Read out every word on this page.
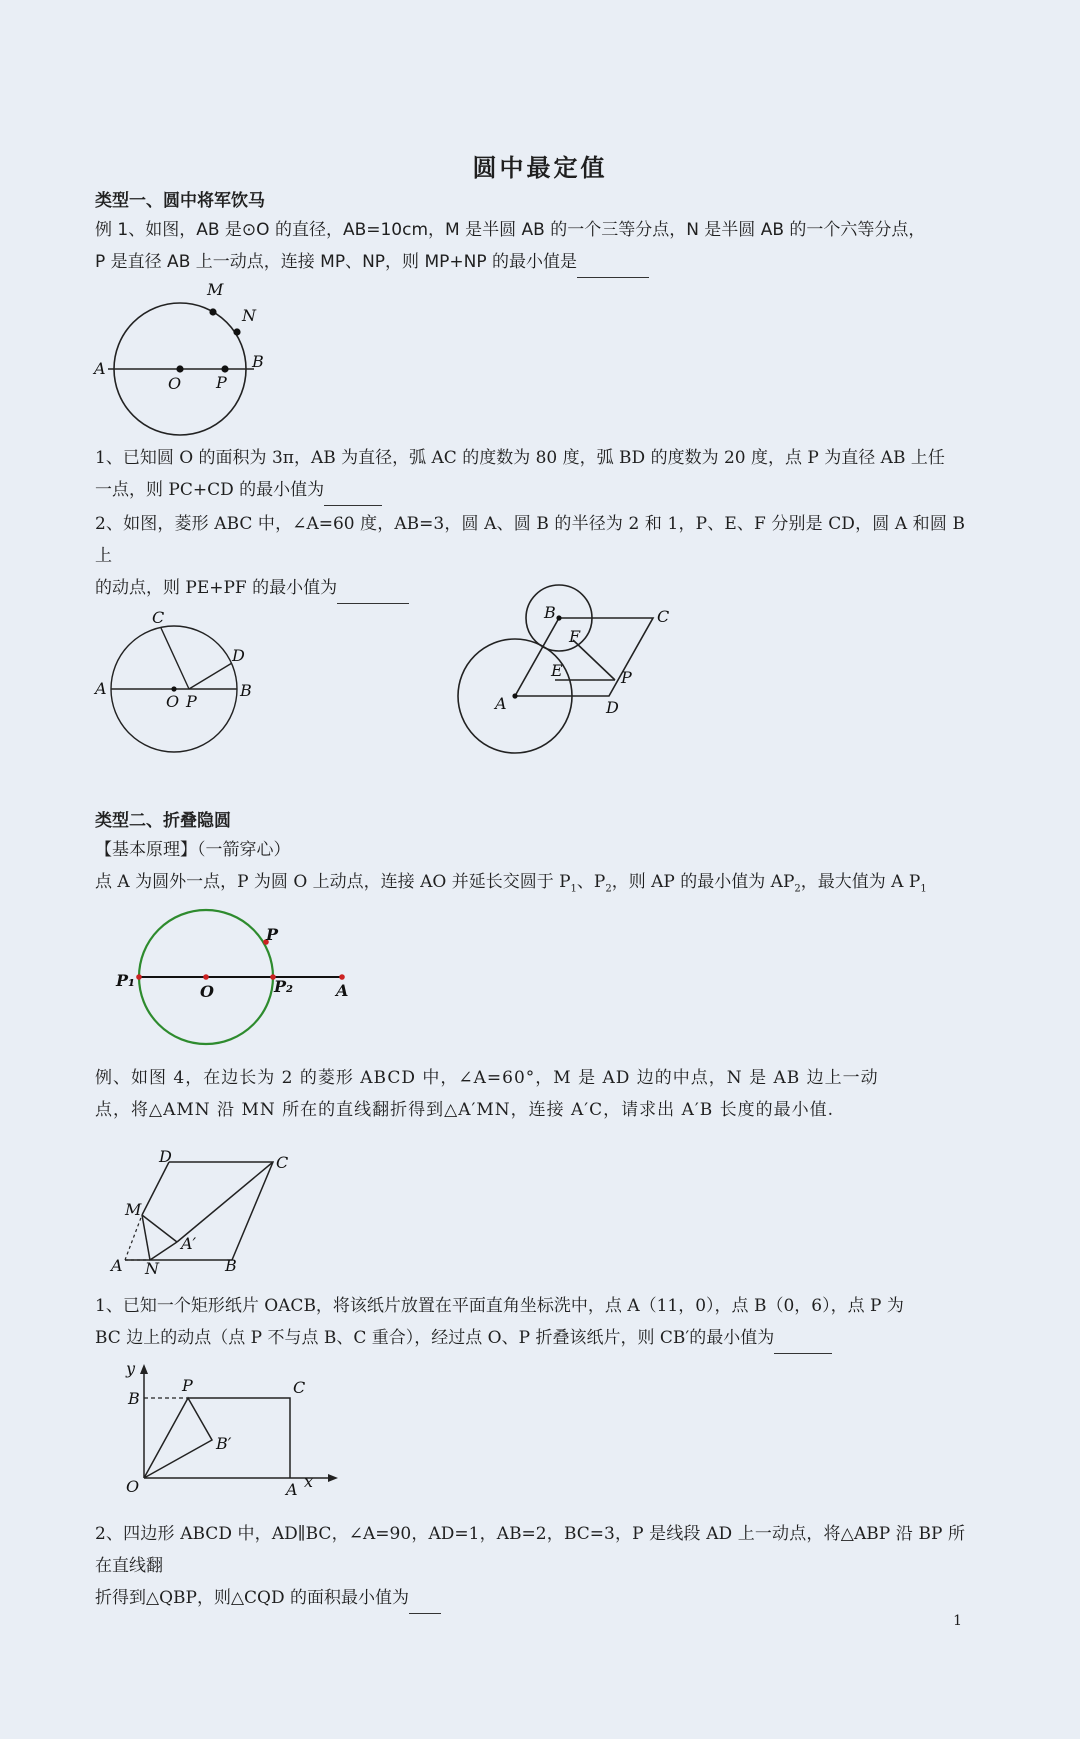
圆中最定值
类型一、圆中将军饮马
例 1、如图，AB 是⊙O 的直径，AB=10cm，M 是半圆 AB 的一个三等分点，N 是半圆 AB 的一个六等分点，
P 是直径 AB 上一动点，连接 MP、NP，则 MP+NP 的最小值是
M
N
A	B
O P
1、已知圆 O 的面积为 3π，AB 为直径，弧 AC 的度数为 80 度，弧 BD 的度数为 20 度，点 P 为直径 AB 上任
一点，则 PC+CD 的最小值为
2、如图，菱形 ABC 中，∠A=60 度，AB=3，圆 A、圆 B 的半径为 2 和 1，P、E、F 分别是 CD，圆 A 和圆 B 上
的动点，则 PE+PF 的最小值为
C
D
A	B
O P
B	C
F
E	P
A	D
类型二、折叠隐圆
【基本原理】（一箭穿心）
点 A 为圆外一点，P 为圆 O 上动点，连接 AO 并延长交圆于 $P_1$、$P_2$，则 AP 的最小值为 $AP_2$，最大值为 A $P_1$
P
P₁
O	P₂	A
例、如图 4，在边长为 2 的菱形 ABCD 中，∠A=60°，M 是 AD 边的中点，N 是 AB 边上一动
点，将△AMN 沿 MN 所在的直线翻折得到△A′MN，连接 A′C，请求出 A′B 长度的最小值.
D	C
M
A′
A N	B
1、已知一个矩形纸片 OACB，将该纸片放置在平面直角坐标洗中，点 A（11，0），点 B（0，6），点 P 为
BC 边上的动点（点 P 不与点 B、C 重合），经过点 O、P 折叠该纸片，则 CB′的最小值为
y
B
P	C
B′
O	A x
2、四边形 ABCD 中，AD∥BC，∠A=90，AD=1，AB=2，BC=3，P 是线段 AD 上一动点，将△ABP 沿 BP 所在直线翻
折得到△QBP，则△CQD 的面积最小值为
1
